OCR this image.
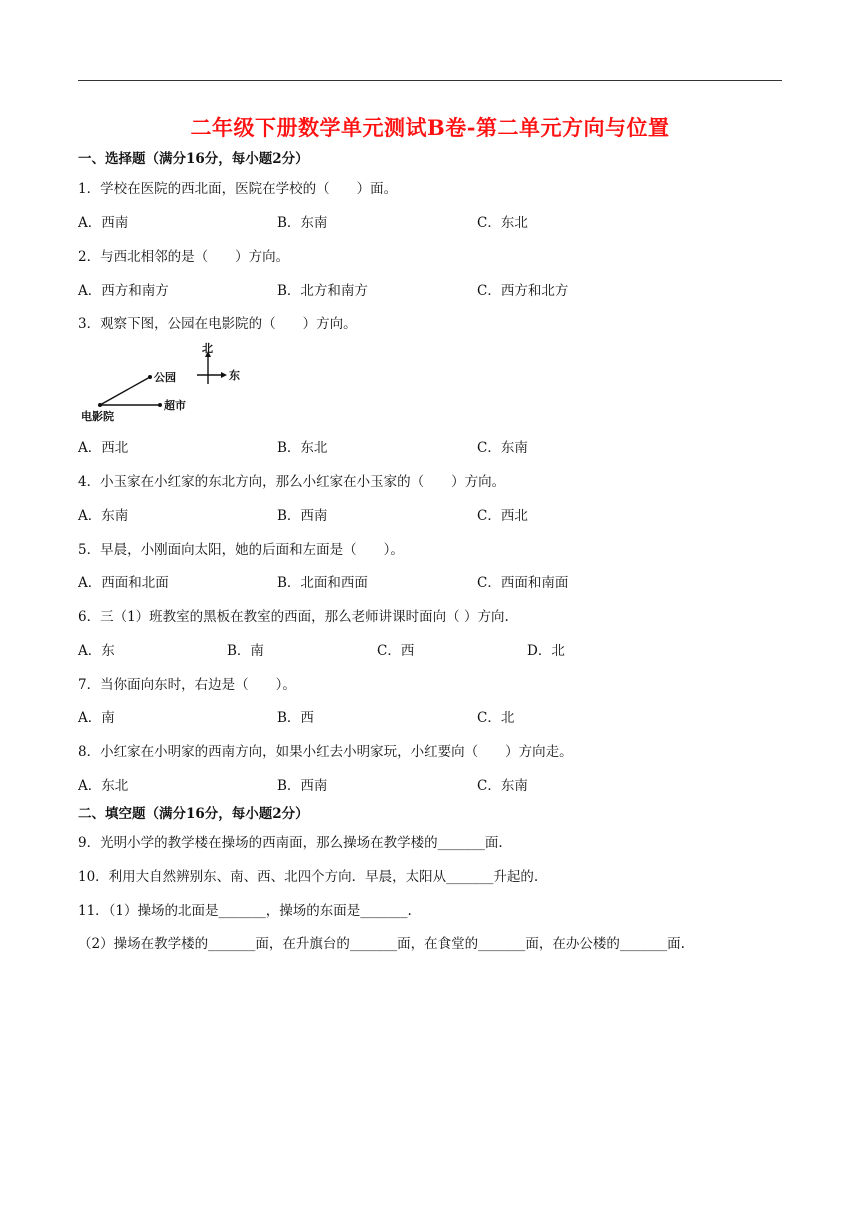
二年级下册数学单元测试B卷-第二单元方向与位置
一、选择题（满分16分，每小题2分）
1．学校在医院的西北面，医院在学校的（　　）面。
A．西南	B．东南	C．东北
2．与西北相邻的是（　　）方向。
A．西方和南方	B．北方和南方	C．西方和北方
3．观察下图，公园在电影院的（　　）方向。
北
东
公园
超市
电影院
A．西北	B．东北	C．东南
4．小玉家在小红家的东北方向，那么小红家在小玉家的（　　）方向。
A．东南	B．西南	C．西北
5．早晨，小刚面向太阳，她的后面和左面是（　　）。
A．西面和北面	B．北面和西面	C．西面和南面
6．三（1）班教室的黑板在教室的西面，那么老师讲课时面向（ ）方向.
A．东	B．南	C．西	D．北
7．当你面向东时，右边是（　　）。
A．南	B．西	C．北
8．小红家在小明家的西南方向，如果小红去小明家玩，小红要向（　　）方向走。
A．东北	B．西南	C．东南
二、填空题（满分16分，每小题2分）
9．光明小学的教学楼在操场的西南面，那么操场在教学楼的_______面.
10．利用大自然辨别东、南、西、北四个方向．早晨，太阳从_______升起的.
11．（1）操场的北面是_______，操场的东面是_______.
（2）操场在教学楼的_______面，在升旗台的_______面，在食堂的_______面，在办公楼的_______面.
